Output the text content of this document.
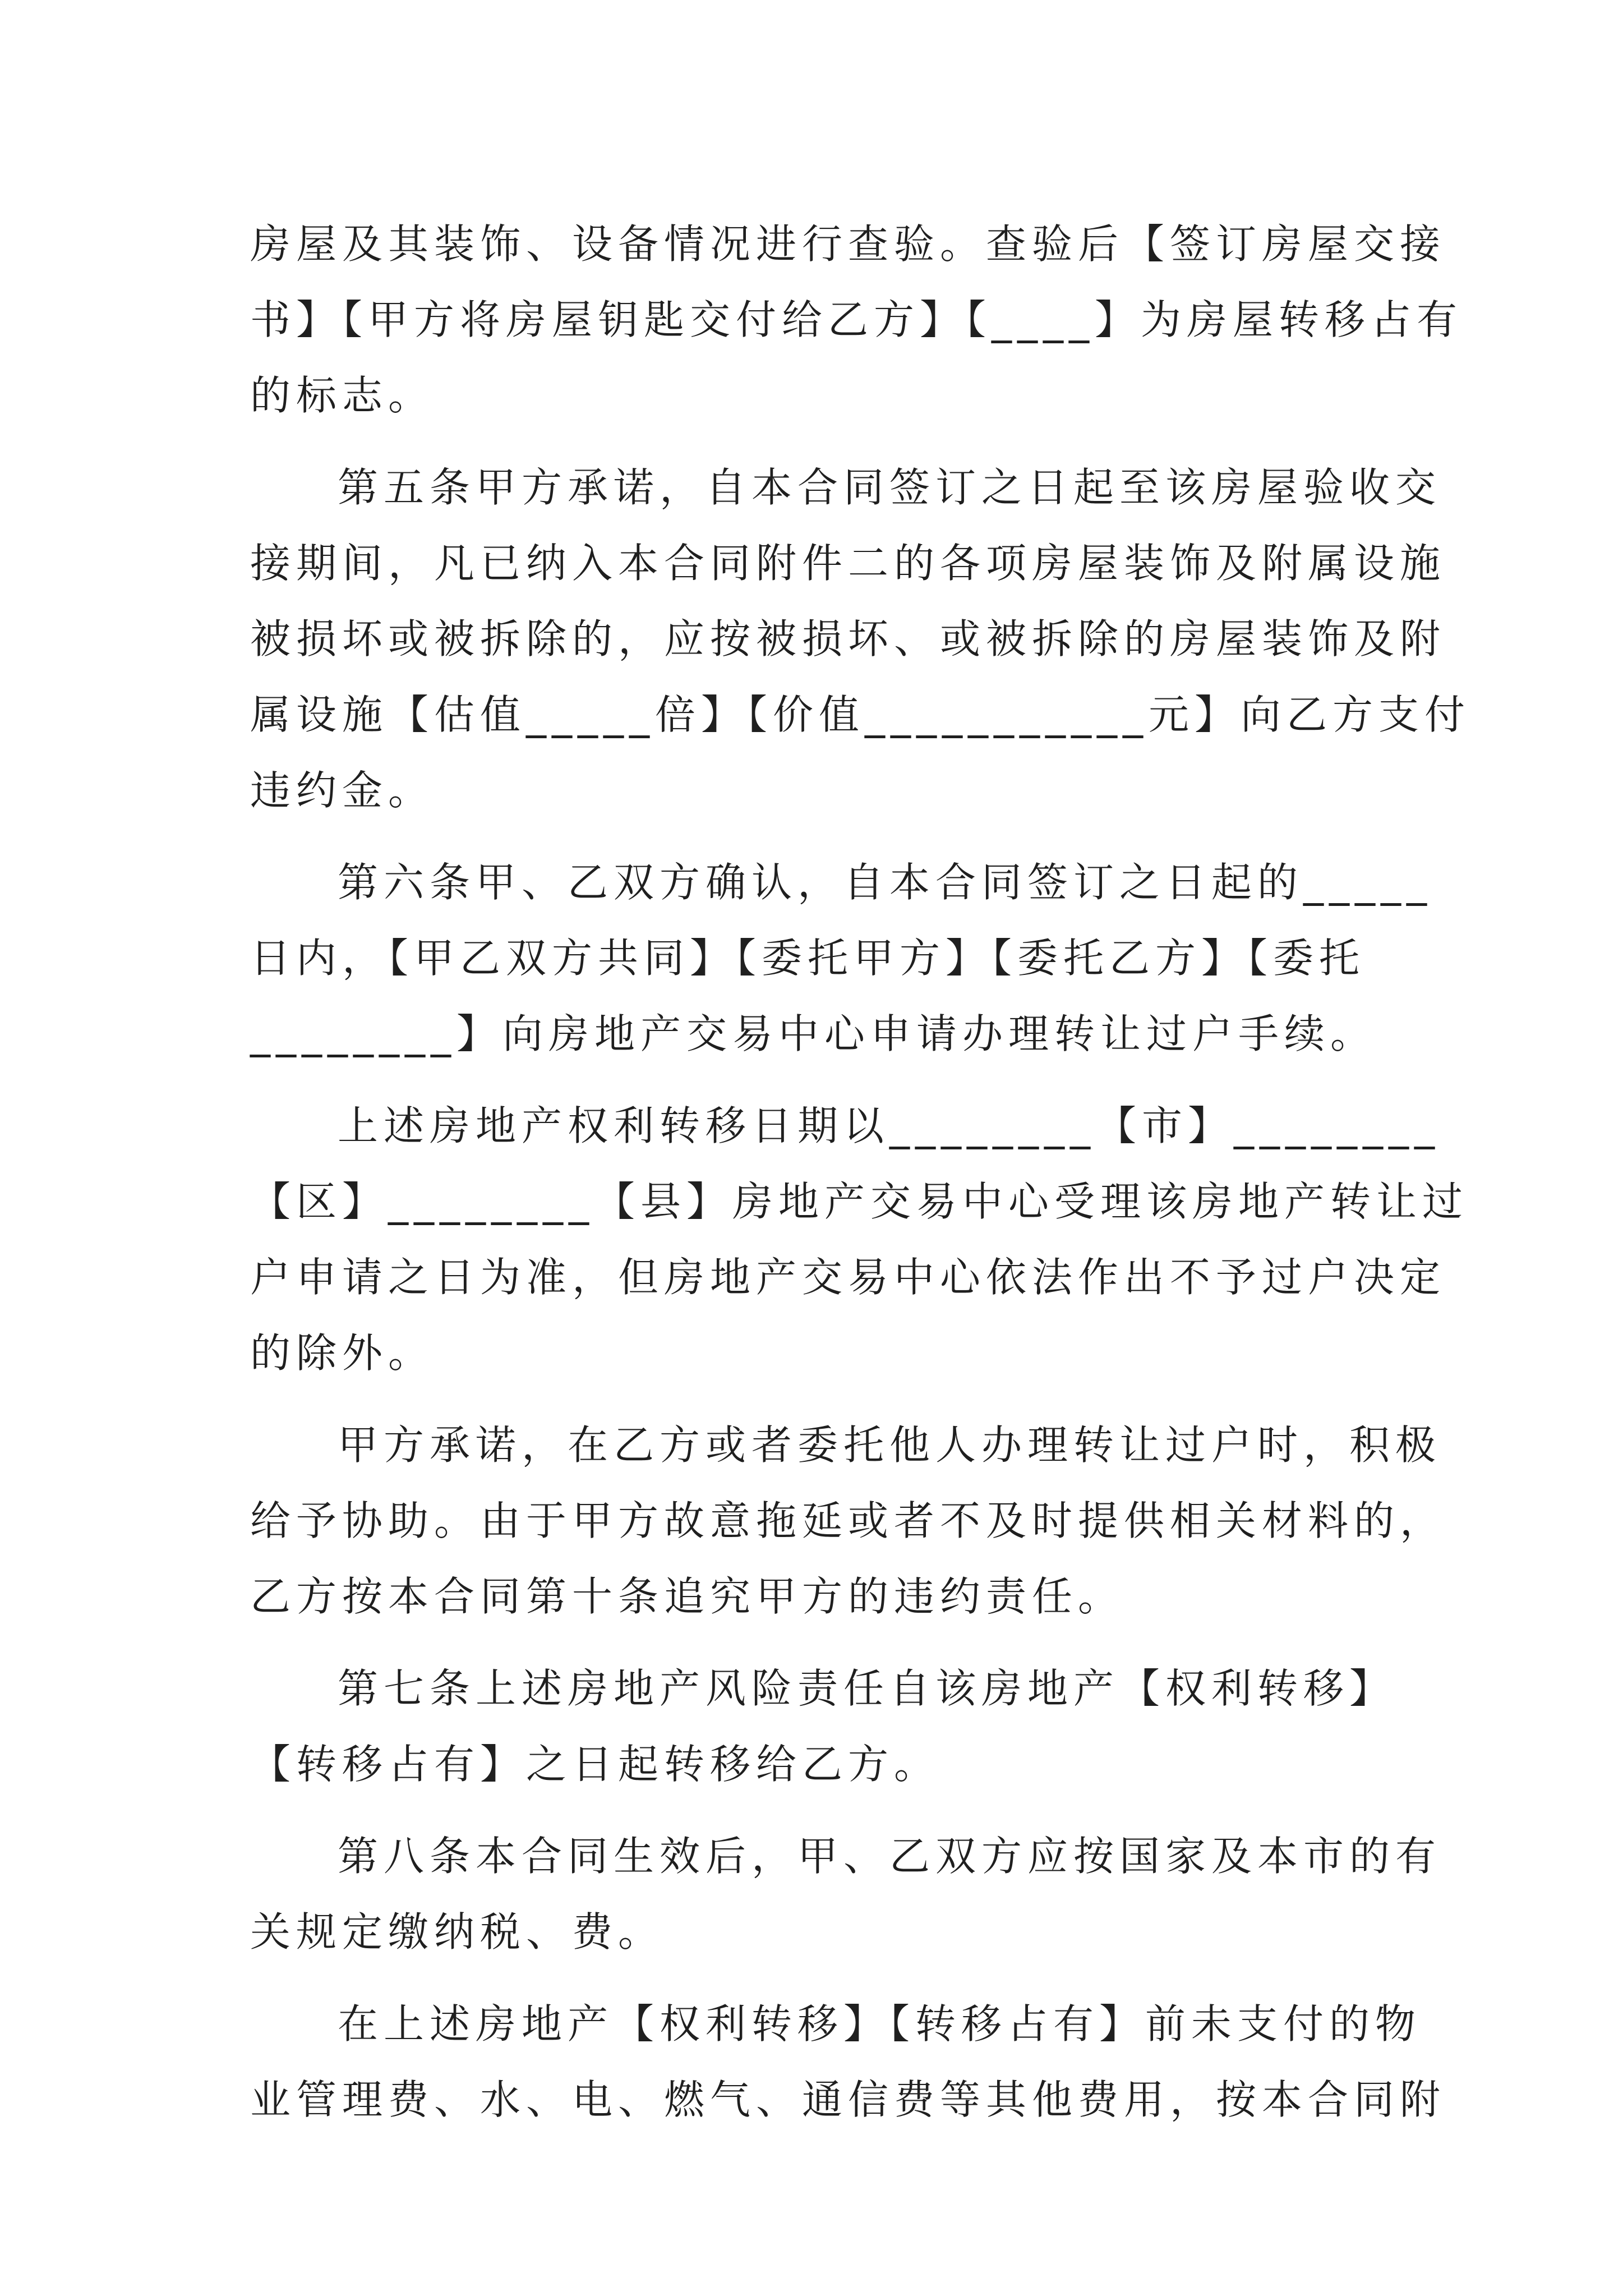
房屋及其装饰、设备情况进行查验。查验后【签订房屋交接
书】【甲方将房屋钥匙交付给乙方】【____】为房屋转移占有
的标志。
第五条甲方承诺，自本合同签订之日起至该房屋验收交
接期间，凡已纳入本合同附件二的各项房屋装饰及附属设施
被损坏或被拆除的，应按被损坏、或被拆除的房屋装饰及附
属设施【估值_____倍】【价值___________元】向乙方支付
违约金。
第六条甲、乙双方确认，自本合同签订之日起的_____
日内，【甲乙双方共同】【委托甲方】【委托乙方】【委托
________】向房地产交易中心申请办理转让过户手续。
上述房地产权利转移日期以________【市】________
【区】________【县】房地产交易中心受理该房地产转让过
户申请之日为准，但房地产交易中心依法作出不予过户决定
的除外。
甲方承诺，在乙方或者委托他人办理转让过户时，积极
给予协助。由于甲方故意拖延或者不及时提供相关材料的，
乙方按本合同第十条追究甲方的违约责任。
第七条上述房地产风险责任自该房地产【权利转移】
【转移占有】之日起转移给乙方。
第八条本合同生效后，甲、乙双方应按国家及本市的有
关规定缴纳税、费。
在上述房地产【权利转移】【转移占有】前未支付的物
业管理费、水、电、燃气、通信费等其他费用，按本合同附
